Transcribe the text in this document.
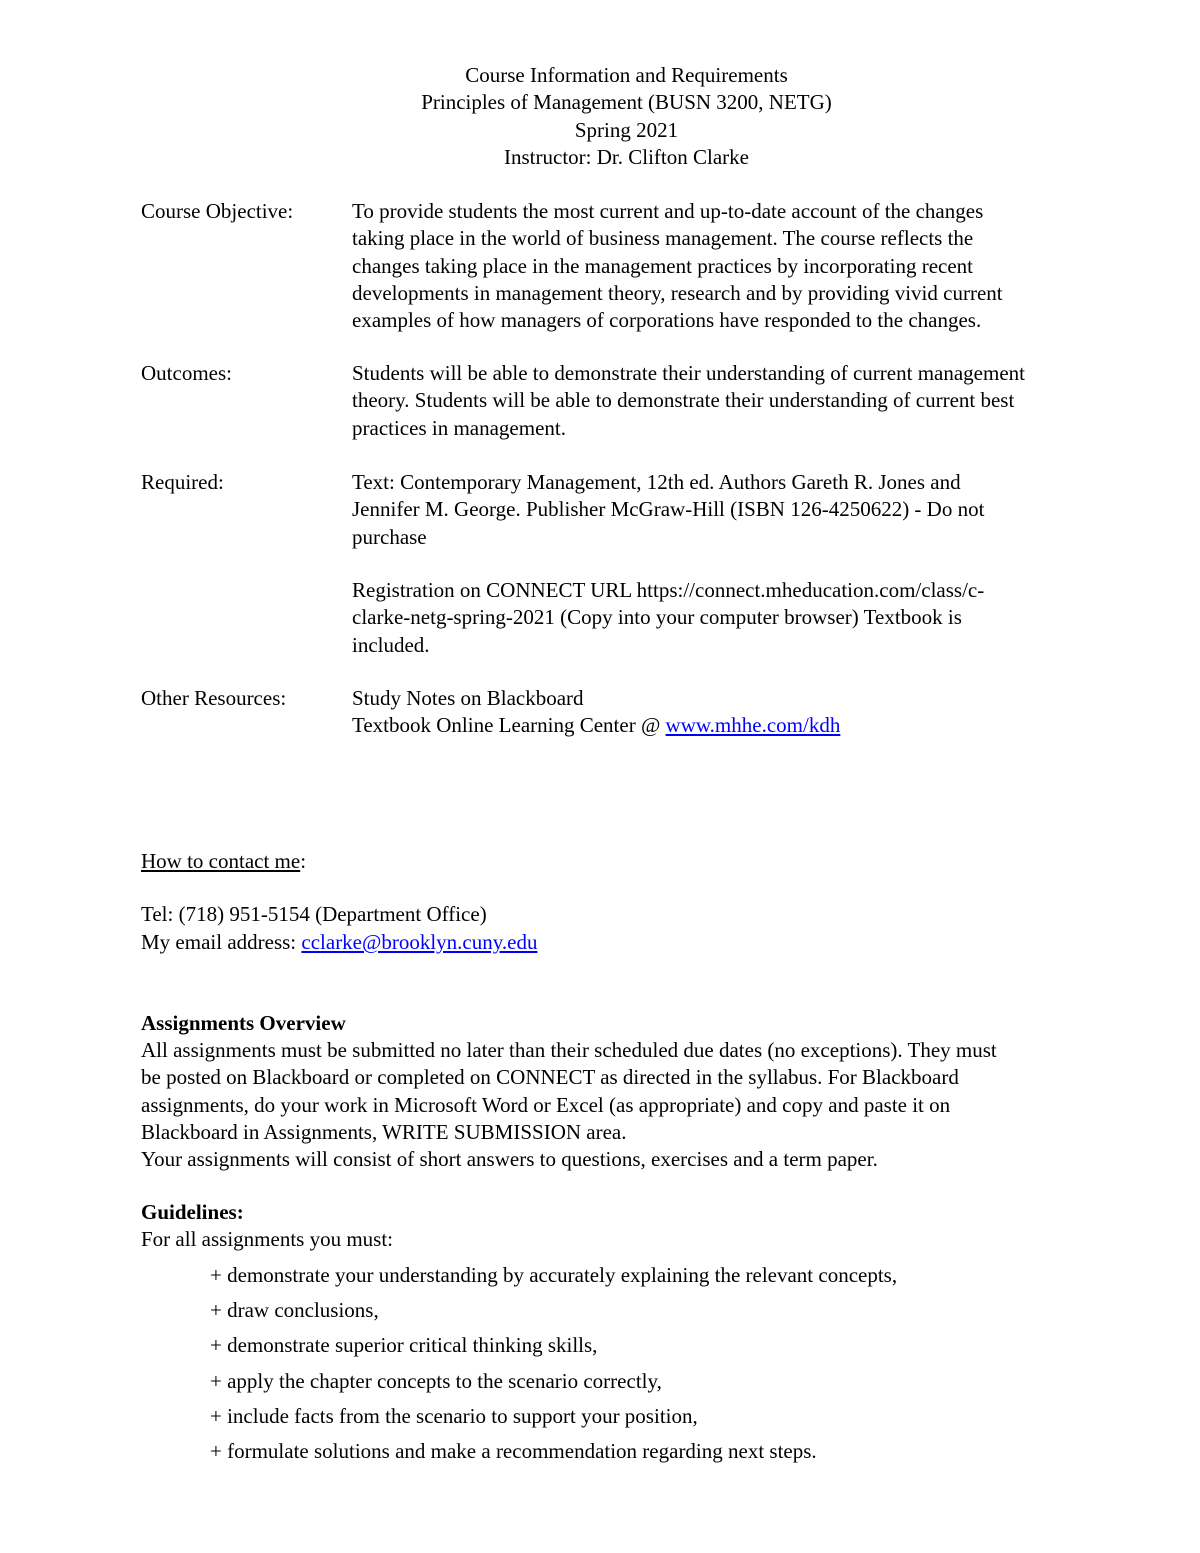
Course Information and Requirements
Principles of Management (BUSN 3200, NETG)
Spring 2021
Instructor: Dr. Clifton Clarke
Course Objective:	To provide students the most current and up-to-date account of the changes
taking place in the world of business management. The course reflects the
changes taking place in the management practices by incorporating recent
developments in management theory, research and by providing vivid current
examples of how managers of corporations have responded to the changes.
Outcomes:	Students will be able to demonstrate their understanding of current management
theory. Students will be able to demonstrate their understanding of current best
practices in management.
Required:	Text: Contemporary Management, 12th ed. Authors Gareth R. Jones and
Jennifer M. George. Publisher McGraw-Hill (ISBN 126-4250622) - Do not
purchase
Registration on CONNECT URL https://connect.mheducation.com/class/c-
clarke-netg-spring-2021 (Copy into your computer browser) Textbook is
included.
Other Resources:	Study Notes on Blackboard
Textbook Online Learning Center @ www.mhhe.com/kdh
How to contact me:
Tel: (718) 951-5154 (Department Office)
My email address: cclarke@brooklyn.cuny.edu
Assignments Overview
All assignments must be submitted no later than their scheduled due dates (no exceptions). They must
be posted on Blackboard or completed on CONNECT as directed in the syllabus. For Blackboard
assignments, do your work in Microsoft Word or Excel (as appropriate) and copy and paste it on
Blackboard in Assignments, WRITE SUBMISSION area.
Your assignments will consist of short answers to questions, exercises and a term paper.
Guidelines:
For all assignments you must:
+ demonstrate your understanding by accurately explaining the relevant concepts,
+ draw conclusions,
+ demonstrate superior critical thinking skills,
+ apply the chapter concepts to the scenario correctly,
+ include facts from the scenario to support your position,
+ formulate solutions and make a recommendation regarding next steps.
